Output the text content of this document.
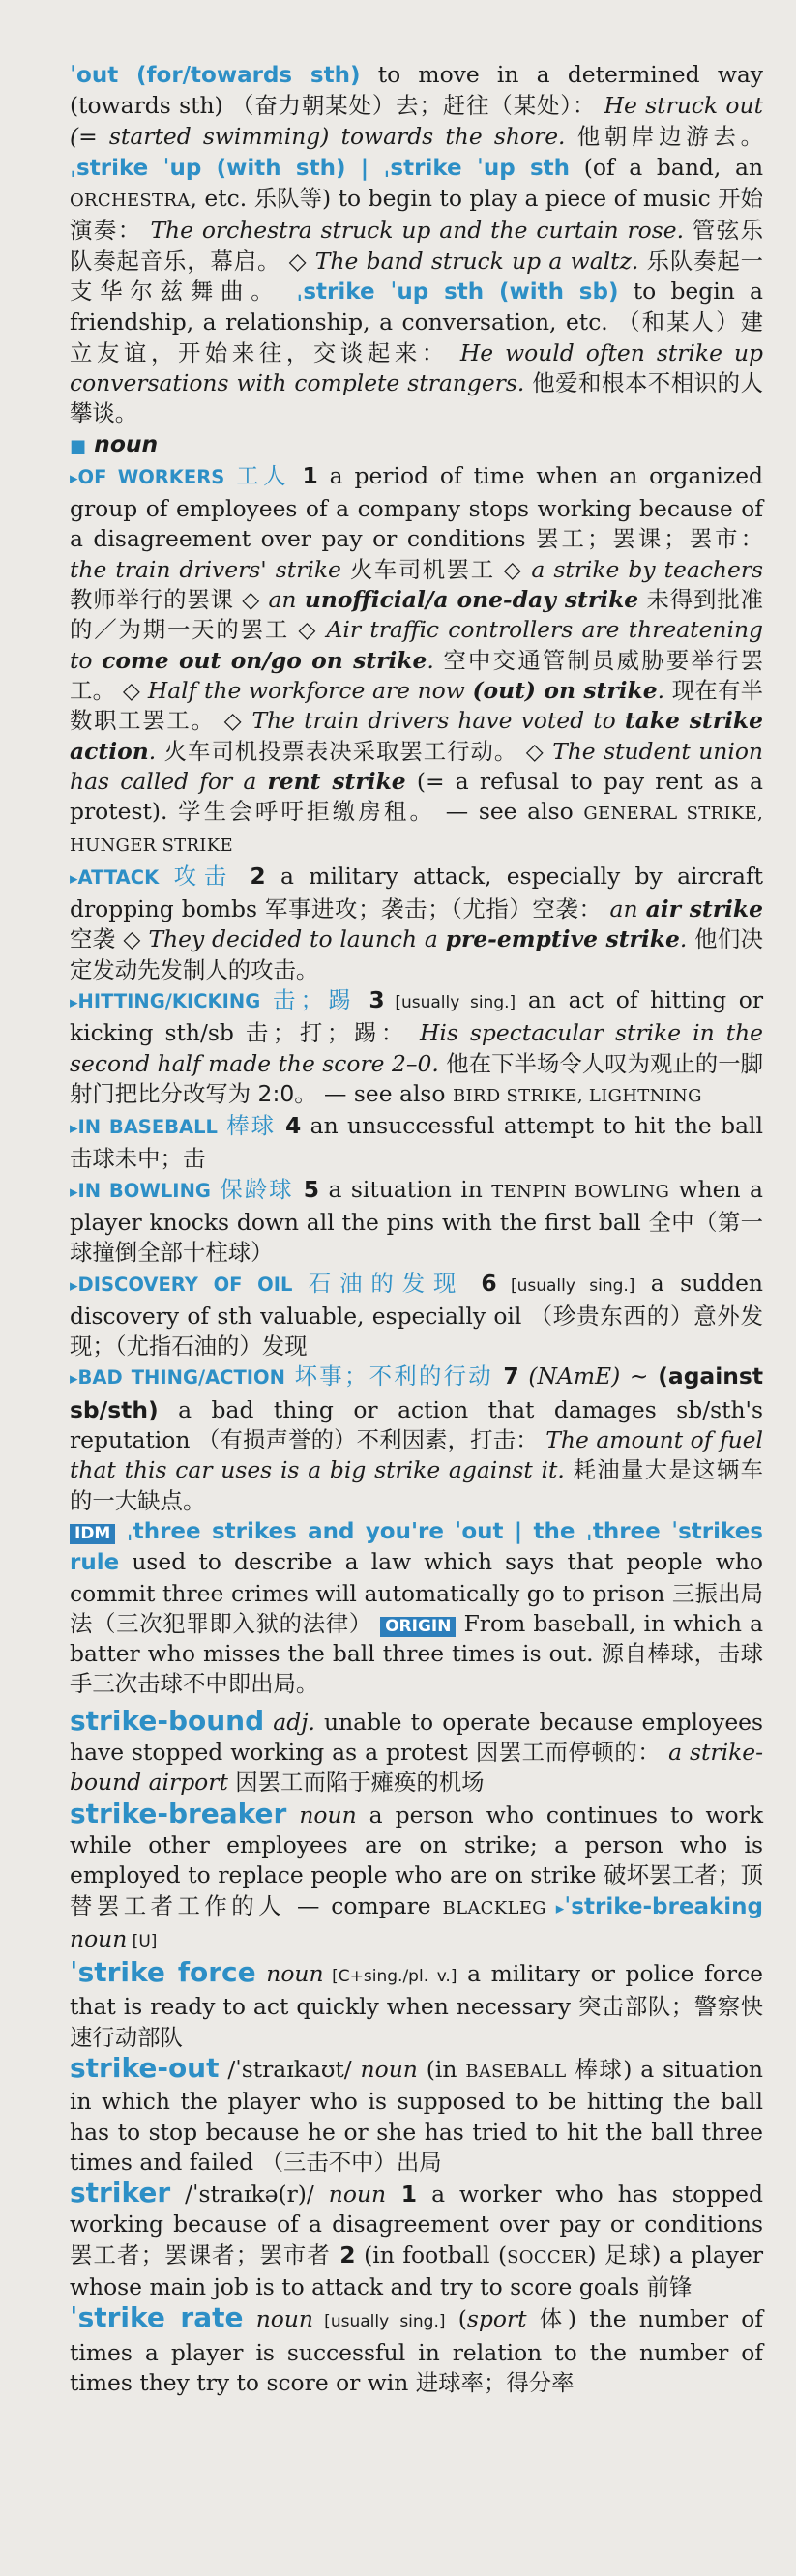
ˈout (for/towards sth) to move in a determined way (towards sth) （奋力朝某处）去；赶往（某处）： He struck out (= started swimming) towards the shore. 他朝岸边游去。 ˌstrike ˈup (with sth) | ˌstrike ˈup sth (of a band, an ORCHESTRA, etc. 乐队等) to begin to play a piece of music 开始演奏： The orchestra struck up and the curtain rose. 管弦乐队奏起音乐，幕启。 ◇ The band struck up a waltz. 乐队奏起一支华尔兹舞曲。 ˌstrike ˈup sth (with sb) to begin a friendship, a relationship, a conversation, etc. （和某人）建立友谊，开始来往，交谈起来： He would often strike up conversations with complete strangers. 他爱和根本不相识的人攀谈。

■ noun

▸OF WORKERS 工人 1 a period of time when an organized group of employees of a company stops working because of a disagreement over pay or conditions 罢工；罢课；罢市： the train drivers' strike 火车司机罢工 ◇ a strike by teachers 教师举行的罢课 ◇ an unofficial/a one-day strike 未得到批准的／为期一天的罢工 ◇ Air traffic controllers are threatening to come out on/go on strike. 空中交通管制员威胁要举行罢工。 ◇ Half the workforce are now (out) on strike. 现在有半数职工罢工。 ◇ The train drivers have voted to take strike action. 火车司机投票表决采取罢工行动。 ◇ The student union has called for a rent strike (= a refusal to pay rent as a protest). 学生会呼吁拒缴房租。 — see also GENERAL STRIKE, HUNGER STRIKE

▸ATTACK 攻击 2 a military attack, especially by aircraft dropping bombs 军事进攻；袭击；（尤指）空袭： an air strike 空袭 ◇ They decided to launch a pre-emptive strike. 他们决定发动先发制人的攻击。

▸HITTING/KICKING 击；踢 3 [usually sing.] an act of hitting or kicking sth/sb 击；打；踢： His spectacular strike in the second half made the score 2–0. 他在下半场令人叹为观止的一脚射门把比分改写为 2:0。 — see also BIRD STRIKE, LIGHTNING

▸IN BASEBALL 棒球 4 an unsuccessful attempt to hit the ball 击球未中；击

▸IN BOWLING 保龄球 5 a situation in TENPIN BOWLING when a player knocks down all the pins with the first ball 全中（第一球撞倒全部十柱球）

▸DISCOVERY OF OIL 石油的发现 6 [usually sing.] a sudden discovery of sth valuable, especially oil （珍贵东西的）意外发现；（尤指石油的）发现

▸BAD THING/ACTION 坏事；不利的行动 7 (NAmE) ~ (against sb/sth) a bad thing or action that damages sb/sth's reputation （有损声誉的）不利因素，打击： The amount of fuel that this car uses is a big strike against it. 耗油量大是这辆车的一大缺点。

IDM ˌthree strikes and you're ˈout | the ˌthree ˈstrikes rule used to describe a law which says that people who commit three crimes will automatically go to prison 三振出局法（三次犯罪即入狱的法律） ORIGIN From baseball, in which a batter who misses the ball three times is out. 源自棒球，击球手三次击球不中即出局。

strike-bound adj. unable to operate because employees have stopped working as a protest 因罢工而停顿的： a strike-bound airport 因罢工而陷于瘫痪的机场

strike-breaker noun a person who continues to work while other employees are on strike; a person who is employed to replace people who are on strike 破坏罢工者；顶替罢工者工作的人 — compare BLACKLEG ▸ˈstrike-breaking noun [U]

ˈstrike force noun [C+sing./pl. v.] a military or police force that is ready to act quickly when necessary 突击部队；警察快速行动部队

strike-out /ˈstraɪkaʊt/ noun (in BASEBALL 棒球) a situation in which the player who is supposed to be hitting the ball has to stop because he or she has tried to hit the ball three times and failed （三击不中）出局

striker /ˈstraɪkə(r)/ noun 1 a worker who has stopped working because of a disagreement over pay or conditions 罢工者；罢课者；罢市者 2 (in football (SOCCER) 足球) a player whose main job is to attack and try to score goals 前锋

ˈstrike rate noun [usually sing.] (sport 体) the number of times a player is successful in relation to the number of times they try to score or win 进球率；得分率
